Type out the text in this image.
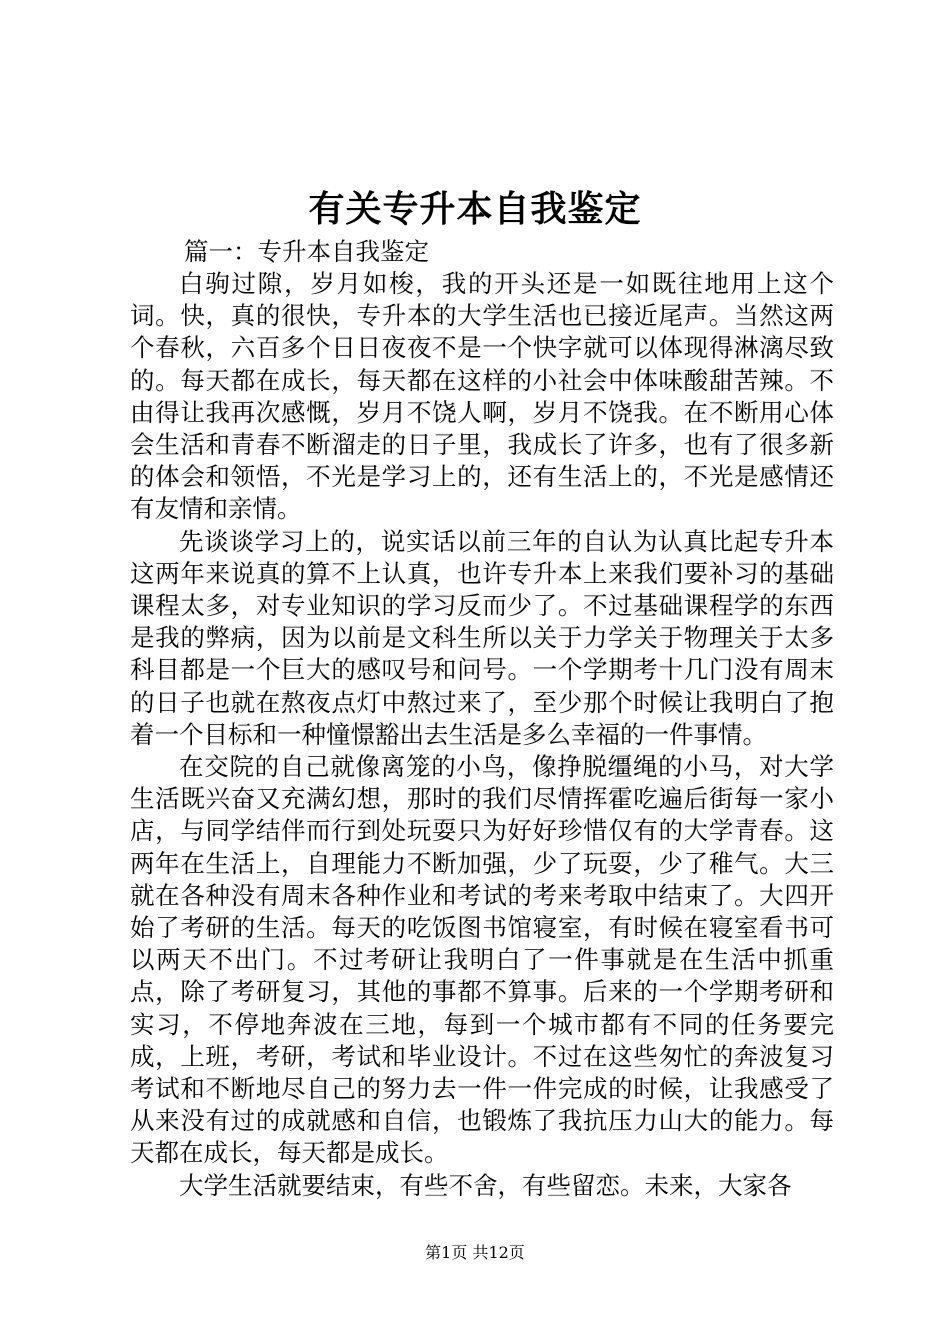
有关专升本自我鉴定
篇一：专升本自我鉴定

白驹过隙，岁月如梭，我的开头还是一如既往地用上这个词。快，真的很快，专升本的大学生活也已接近尾声。当然这两个春秋，六百多个日日夜夜不是一个快字就可以体现得淋漓尽致的。每天都在成长，每天都在这样的小社会中体味酸甜苦辣。不由得让我再次感慨，岁月不饶人啊，岁月不饶我。在不断用心体会生活和青春不断溜走的日子里，我成长了许多，也有了很多新的体会和领悟，不光是学习上的，还有生活上的，不光是感情还有友情和亲情。

先谈谈学习上的，说实话以前三年的自认为认真比起专升本这两年来说真的算不上认真，也许专升本上来我们要补习的基础课程太多，对专业知识的学习反而少了。不过基础课程学的东西是我的弊病，因为以前是文科生所以关于力学关于物理关于太多科目都是一个巨大的感叹号和问号。一个学期考十几门没有周末的日子也就在熬夜点灯中熬过来了，至少那个时候让我明白了抱着一个目标和一种憧憬豁出去生活是多么幸福的一件事情。

在交院的自己就像离笼的小鸟，像挣脱缰绳的小马，对大学生活既兴奋又充满幻想，那时的我们尽情挥霍吃遍后街每一家小店，与同学结伴而行到处玩耍只为好好珍惜仅有的大学青春。这两年在生活上，自理能力不断加强，少了玩耍，少了稚气。大三就在各种没有周末各种作业和考试的考来考取中结束了。大四开始了考研的生活。每天的吃饭图书馆寝室，有时候在寝室看书可以两天不出门。不过考研让我明白了一件事就是在生活中抓重点，除了考研复习，其他的事都不算事。后来的一个学期考研和实习，不停地奔波在三地，每到一个城市都有不同的任务要完成，上班，考研，考试和毕业设计。不过在这些匆忙的奔波复习考试和不断地尽自己的努力去一件一件完成的时候，让我感受了从来没有过的成就感和自信，也锻炼了我抗压力山大的能力。每天都在成长，每天都是成长。

大学生活就要结束，有些不舍，有些留恋。未来，大家各

第1页 共12页
